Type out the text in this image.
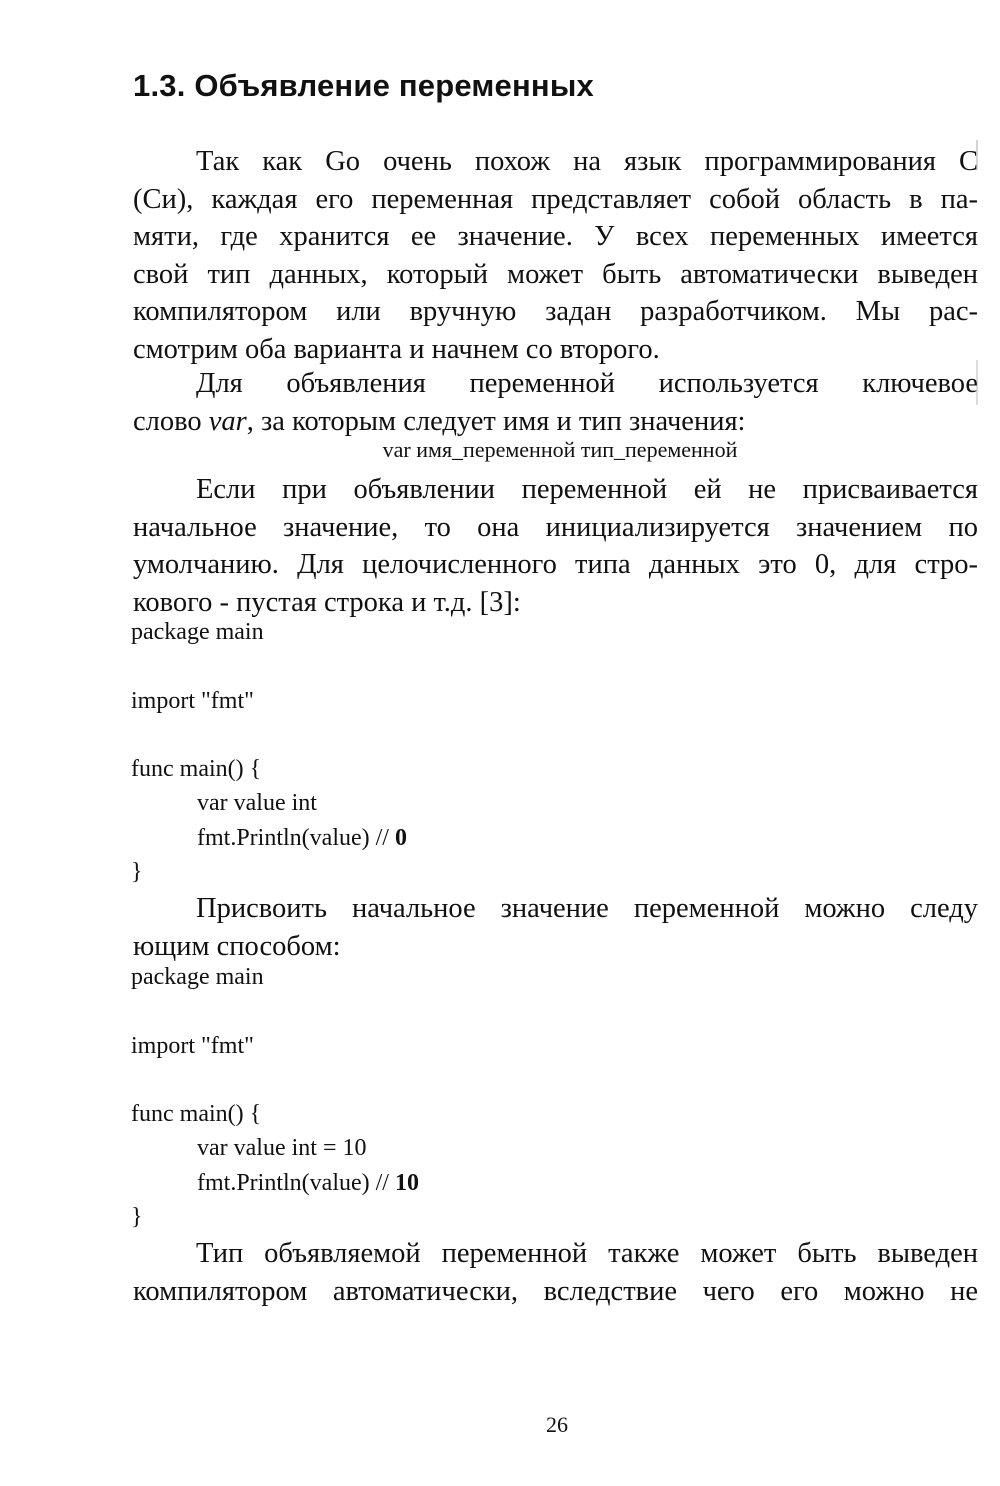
1.3. Объявление переменных

Так как Go очень похож на язык программирования C
(Си), каждая его переменная представляет собой область в па-
мяти, где хранится ее значение. У всех переменных имеется
свой тип данных, который может быть автоматически выведен
компилятором или вручную задан разработчиком. Мы рас-
смотрим оба варианта и начнем со второго.

Для объявления переменной используется ключевое
слово var, за которым следует имя и тип значения:

var имя_переменной тип_переменной

Если при объявлении переменной ей не присваивается
начальное значение, то она инициализируется значением по
умолчанию. Для целочисленного типа данных это 0, для стро-
кового - пустая строка и т.д. [3]:

package main
import "fmt"
func main() {
var value int
fmt.Println(value) // 0
}

Присвоить начальное значение переменной можно следу
ющим способом:

package main
import "fmt"
func main() {
var value int = 10
fmt.Println(value) // 10
}

Тип объявляемой переменной также может быть выведен
компилятором автоматически, вследствие чего его можно не

26
